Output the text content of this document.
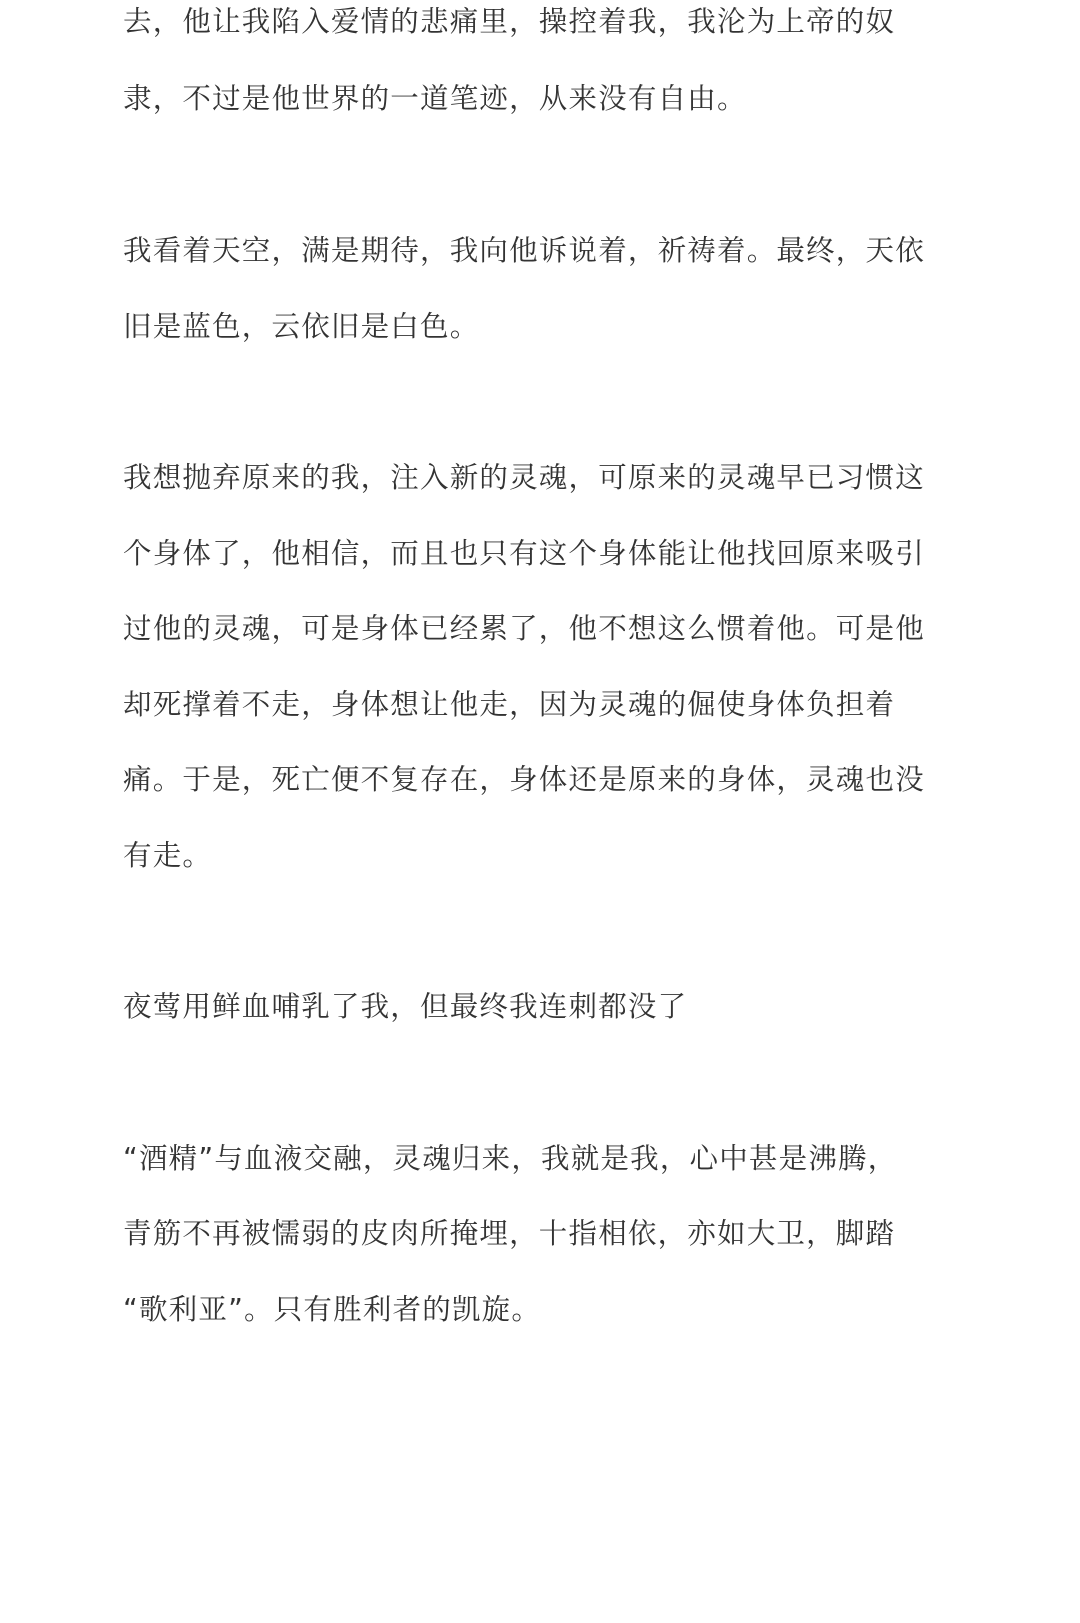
去，他让我陷入爱情的悲痛里，操控着我，我沦为上帝的奴

隶，不过是他世界的一道笔迹，从来没有自由。

我看着天空，满是期待，我向他诉说着，祈祷着。最终，天依

旧是蓝色，云依旧是白色。

我想抛弃原来的我，注入新的灵魂，可原来的灵魂早已习惯这

个身体了，他相信，而且也只有这个身体能让他找回原来吸引

过他的灵魂，可是身体已经累了，他不想这么惯着他。可是他

却死撑着不走，身体想让他走，因为灵魂的倔使身体负担着

痛。于是，死亡便不复存在，身体还是原来的身体，灵魂也没

有走。

夜莺用鲜血哺乳了我，但最终我连刺都没了

“酒精”与血液交融，灵魂归来，我就是我，心中甚是沸腾，

青筋不再被懦弱的皮肉所掩埋，十指相依，亦如大卫，脚踏

“歌利亚”。只有胜利者的凯旋。
